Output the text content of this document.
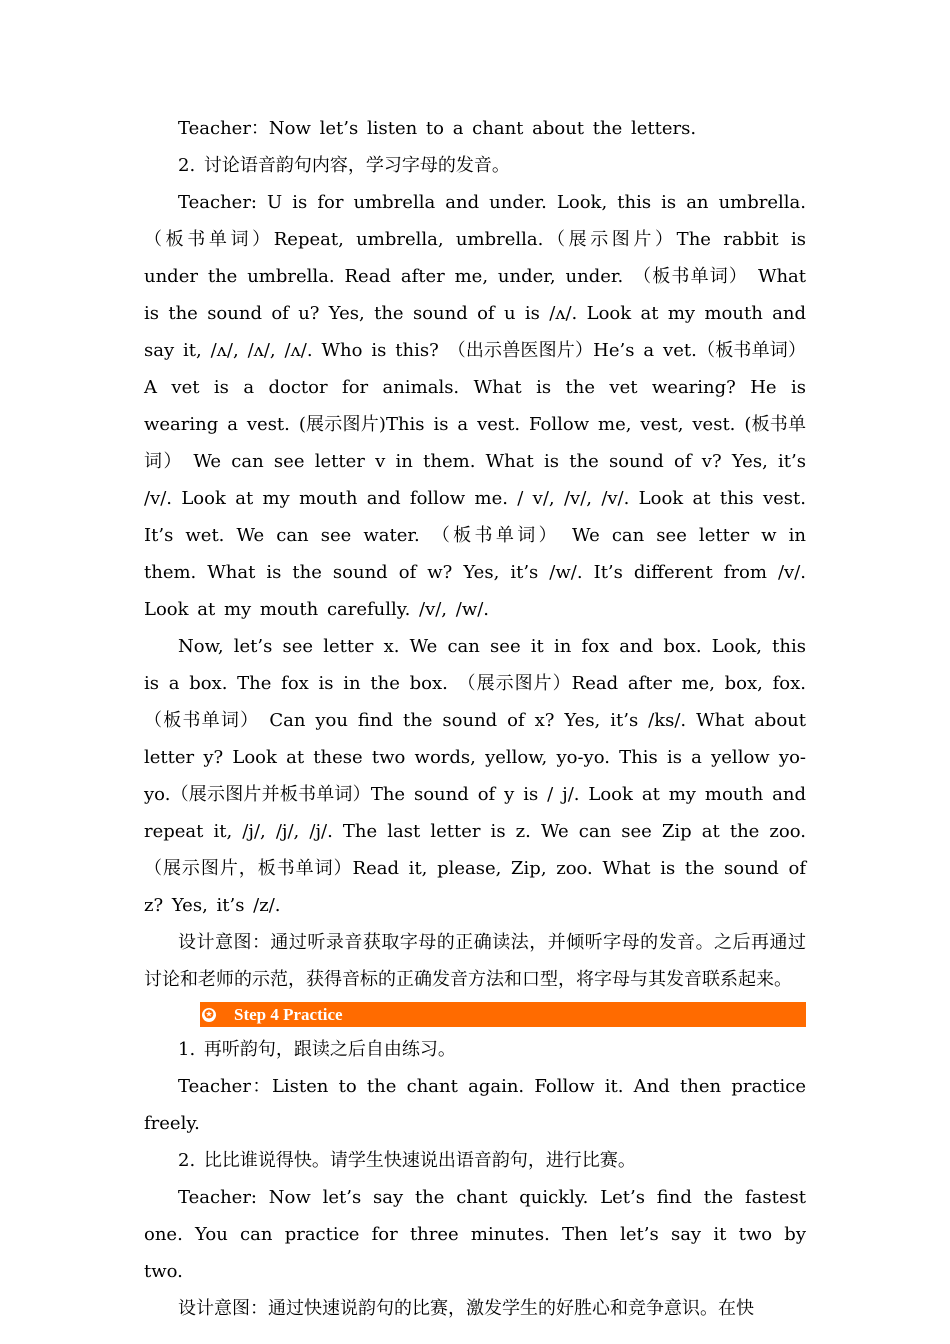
Teacher：Now let’s listen to a chant about the letters.

2. 讨论语音韵句内容，学习字母的发音。

Teacher: U is for umbrella and under. Look, this is an umbrella.（板书单词）Repeat, umbrella, umbrella.（展示图片）The rabbit is under the umbrella. Read after me, under, under. （板书单词） What is the sound of u? Yes, the sound of u is /ʌ/. Look at my mouth and say it, /ʌ/, /ʌ/, /ʌ/. Who is this? （出示兽医图片）He’s a vet.（板书单词） A vet is a doctor for animals. What is the vet wearing? He is wearing a vest. (展示图片)This is a vest. Follow me, vest, vest. (板书单词） We can see letter v in them. What is the sound of v? Yes, it’s /v/. Look at my mouth and follow me. / v/, /v/, /v/. Look at this vest. It’s wet. We can see water. （板书单词） We can see letter w in them. What is the sound of w? Yes, it’s /w/. It’s different from /v/. Look at my mouth carefully. /v/, /w/.

Now, let’s see letter x. We can see it in fox and box. Look, this is a box. The fox is in the box. （展示图片）Read after me, box, fox.（板书单词） Can you find the sound of x? Yes, it’s /ks/. What about letter y? Look at these two words, yellow, yo-yo. This is a yellow yo-yo.（展示图片并板书单词）The sound of y is / j/. Look at my mouth and repeat it, /j/, /j/, /j/. The last letter is z. We can see Zip at the zoo. （展示图片，板书单词）Read it, please, Zip, zoo. What is the sound of z? Yes, it’s /z/.

设计意图：通过听录音获取字母的正确读法，并倾听字母的发音。之后再通过讨论和老师的示范，获得音标的正确发音方法和口型，将字母与其发音联系起来。

✪ Step 4 Practice

1. 再听韵句，跟读之后自由练习。

Teacher：Listen to the chant again. Follow it. And then practice freely.

2. 比比谁说得快。请学生快速说出语音韵句，进行比赛。

Teacher: Now let’s say the chant quickly. Let’s find the fastest one. You can practice for three minutes. Then let’s say it two by two.

设计意图：通过快速说韵句的比赛，激发学生的好胜心和竞争意识。在快
